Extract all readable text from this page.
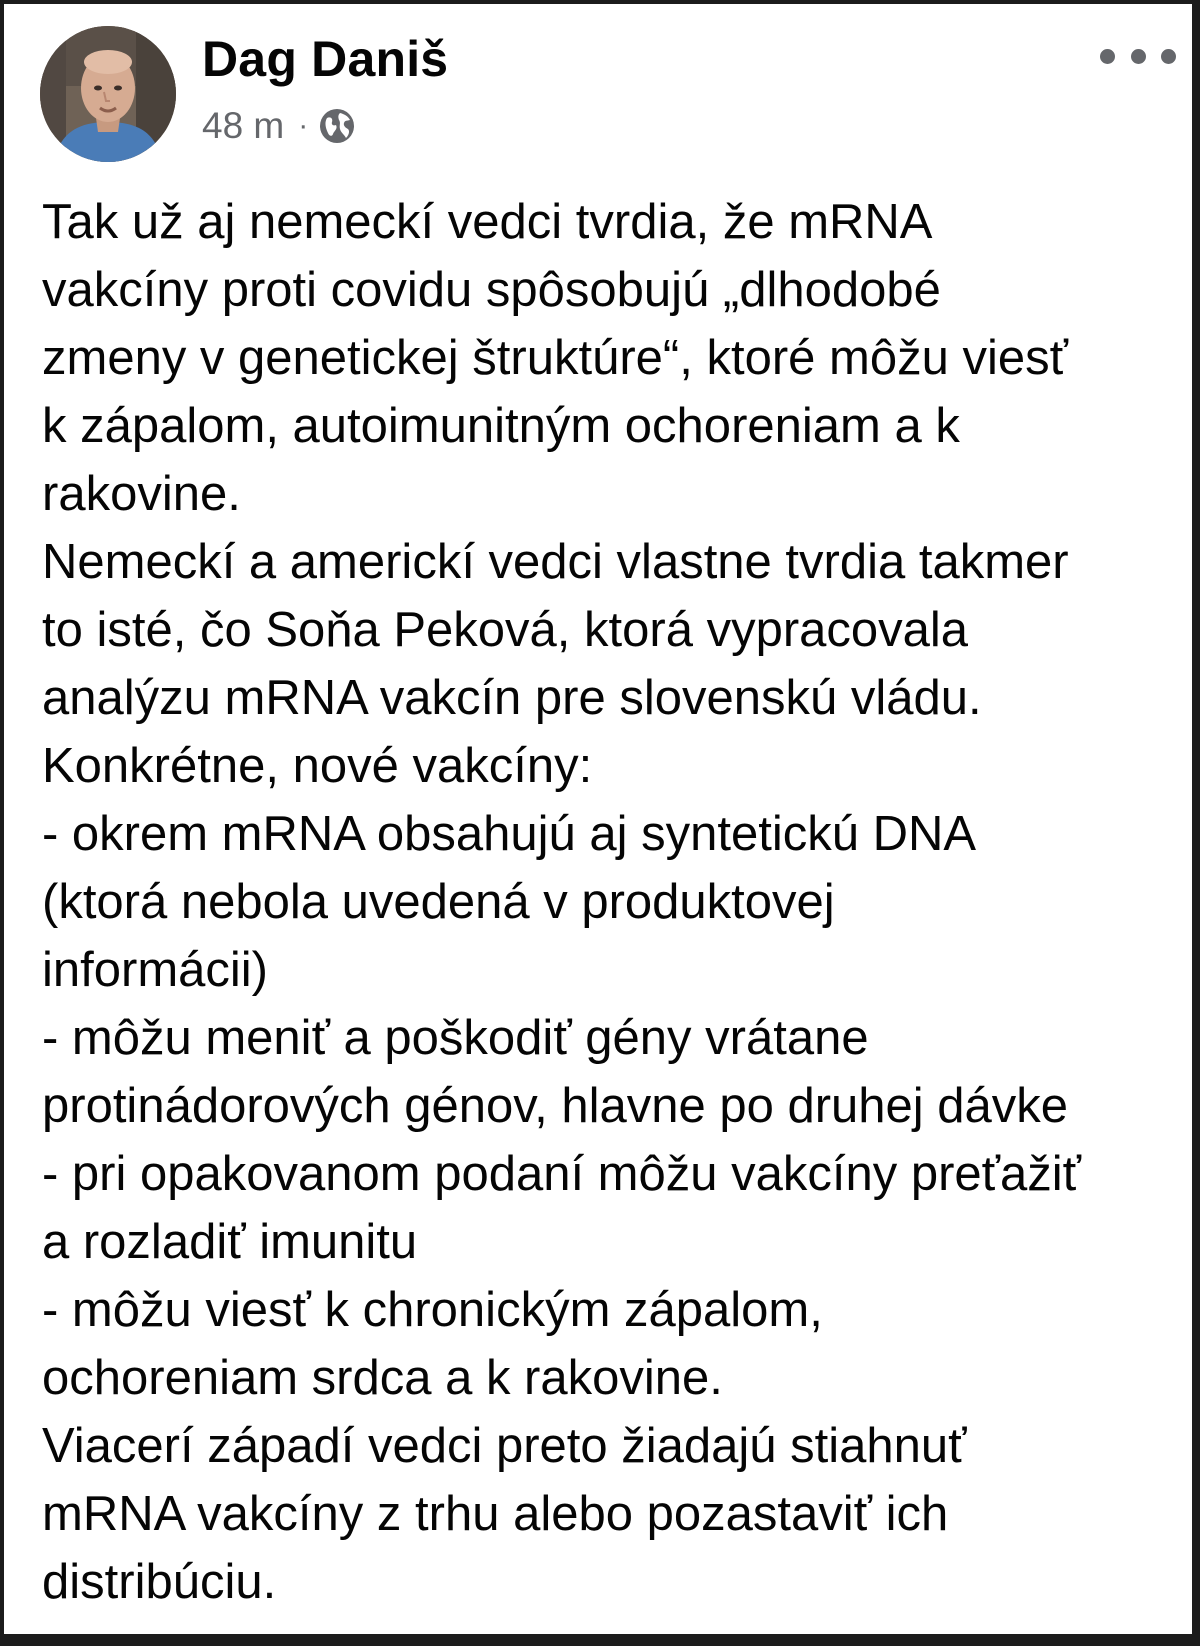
Dag Daniš
48 m ·
Tak už aj nemeckí vedci tvrdia, že mRNA
vakcíny proti covidu spôsobujú „dlhodobé
zmeny v genetickej štruktúre“, ktoré môžu viesť
k zápalom, autoimunitným ochoreniam a k
rakovine.
Nemeckí a americkí vedci vlastne tvrdia takmer
to isté, čo Soňa Peková, ktorá vypracovala
analýzu mRNA vakcín pre slovenskú vládu.
Konkrétne, nové vakcíny:
- okrem mRNA obsahujú aj syntetickú DNA
(ktorá nebola uvedená v produktovej
informácii)
- môžu meniť a poškodiť gény vrátane
protinádorových génov, hlavne po druhej dávke
- pri opakovanom podaní môžu vakcíny preťažiť
a rozladiť imunitu
- môžu viesť k chronickým zápalom,
ochoreniam srdca a k rakovine.
Viacerí západí vedci preto žiadajú stiahnuť
mRNA vakcíny z trhu alebo pozastaviť ich
distribúciu.
